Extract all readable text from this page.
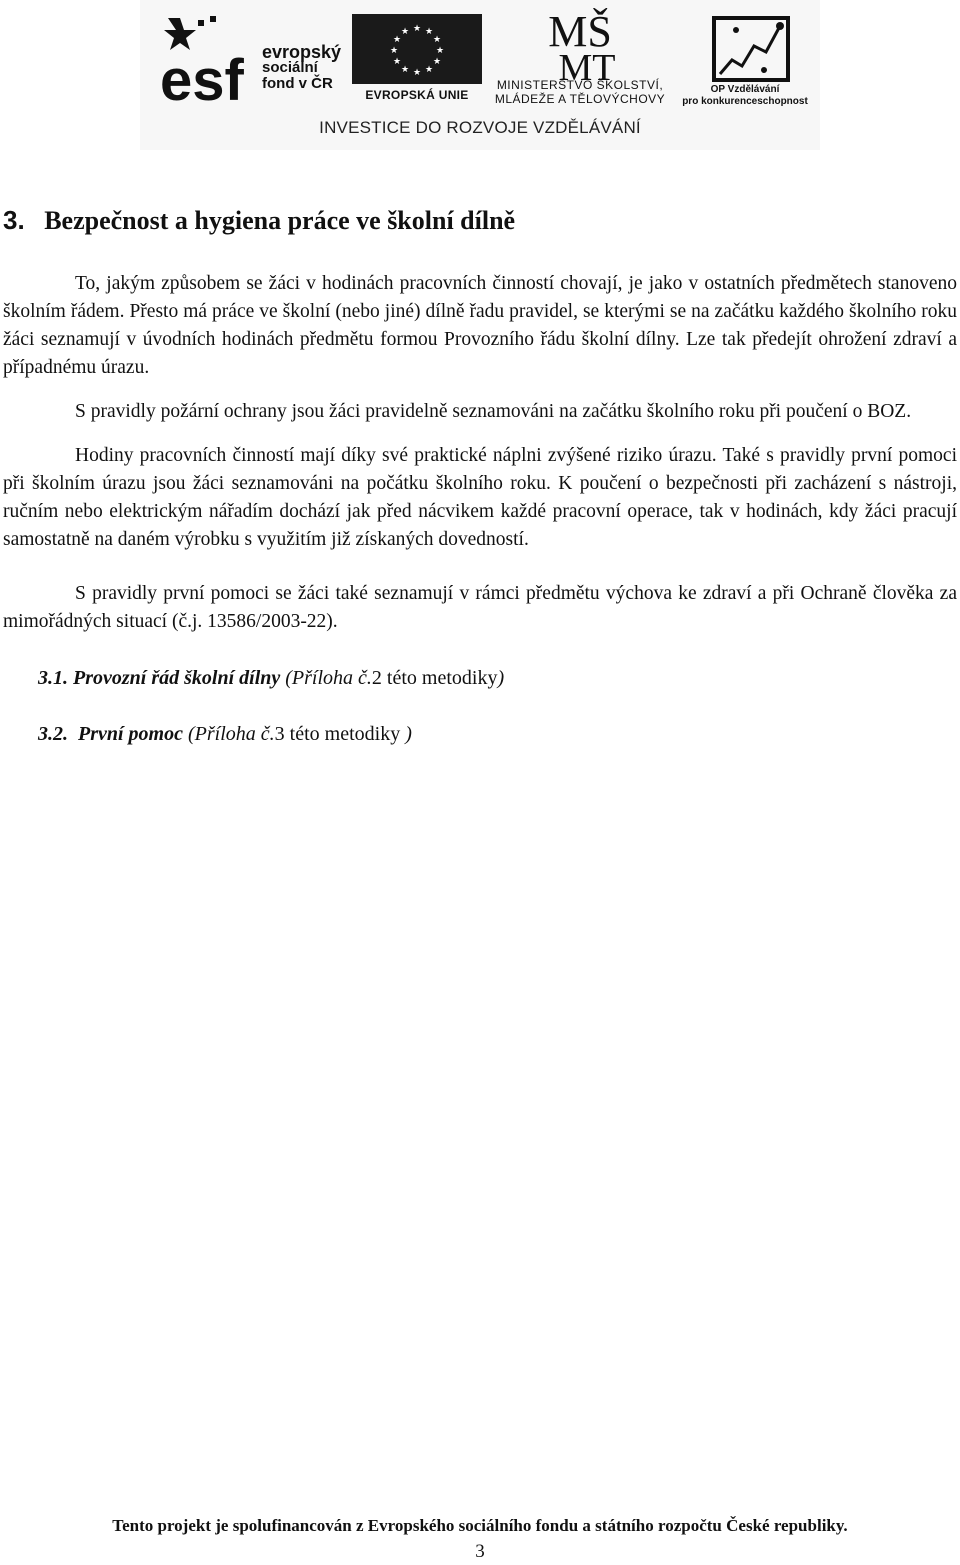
esf evropský
sociální
fond v ČR
★ ★
★
★
★
★
★
★
★
★
★
★
EVROPSKÁ UNIE
MŠ
MT
MINISTERSTVO ŠKOLSTVÍ,
MLÁDEŽE A TĚLOVÝCHOVY
OP Vzdělávání
pro konkurenceschopnost
INVESTICE DO ROZVOJE VZDĚLÁVÁNÍ
3. Bezpečnost a hygiena práce ve školní dílně

To, jakým způsobem se žáci v hodinách pracovních činností chovají, je jako v ostatních předmětech stanoveno školním řádem. Přesto má práce ve školní (nebo jiné) dílně řadu pravidel, se kterými se na začátku každého školního roku žáci seznamují v úvodních hodinách předmětu formou Provozního řádu školní dílny. Lze tak předejít ohrožení zdraví a případnému úrazu.

S pravidly požární ochrany jsou žáci pravidelně seznamováni na začátku školního roku při poučení o BOZ.

Hodiny pracovních činností mají díky své praktické náplni zvýšené riziko úrazu. Také s pravidly první pomoci při školním úrazu jsou žáci seznamováni na počátku školního roku. K poučení o bezpečnosti při zacházení s nástroji, ručním nebo elektrickým nářadím dochází jak před nácvikem každé pracovní operace, tak v hodinách, kdy žáci pracují samostatně na daném výrobku s využitím již získaných dovedností.

S pravidly první pomoci se žáci také seznamují v rámci předmětu výchova ke zdraví a při Ochraně člověka za mimořádných situací (č.j. 13586/2003-22).

3.1. Provozní řád školní dílny (Příloha č.2 této metodiky)

3.2. První pomoc (Příloha č.3 této metodiky )

Tento projekt je spolufinancován z Evropského sociálního fondu a státního rozpočtu České republiky.
3
